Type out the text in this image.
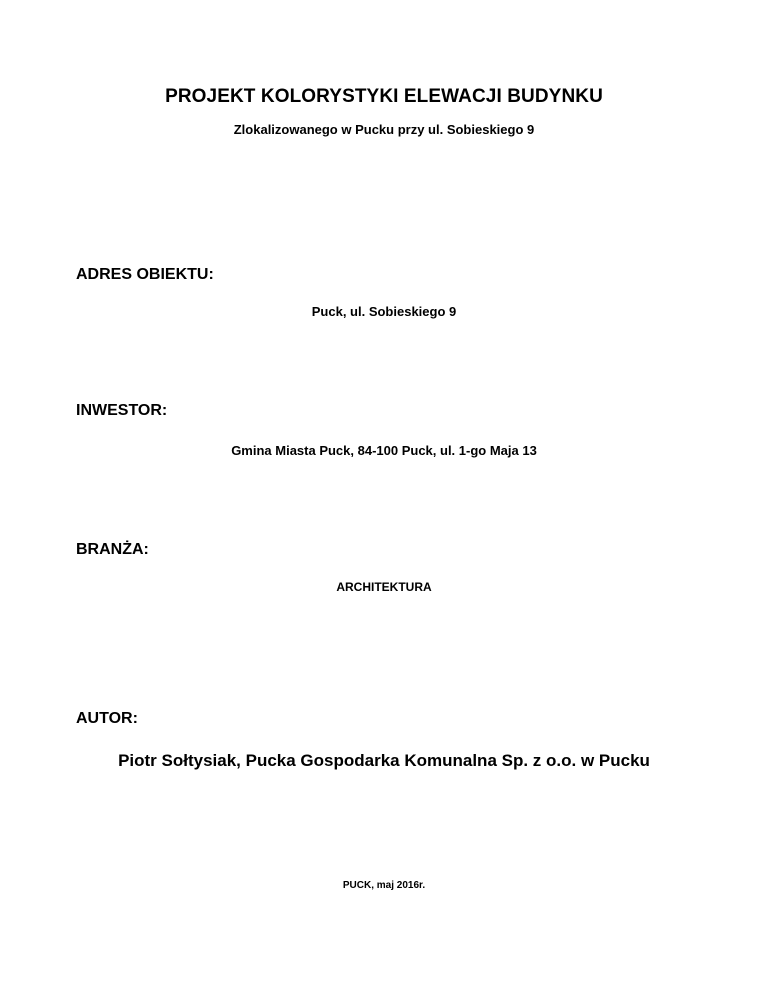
PROJEKT KOLORYSTYKI ELEWACJI BUDYNKU

Zlokalizowanego w Pucku przy ul. Sobieskiego 9

ADRES OBIEKTU:

Puck, ul. Sobieskiego 9

INWESTOR:

Gmina Miasta Puck, 84-100 Puck, ul. 1-go Maja 13

BRANŻA:

ARCHITEKTURA

AUTOR:

Piotr Sołtysiak, Pucka Gospodarka Komunalna Sp. z o.o. w Pucku

PUCK, maj 2016r.
